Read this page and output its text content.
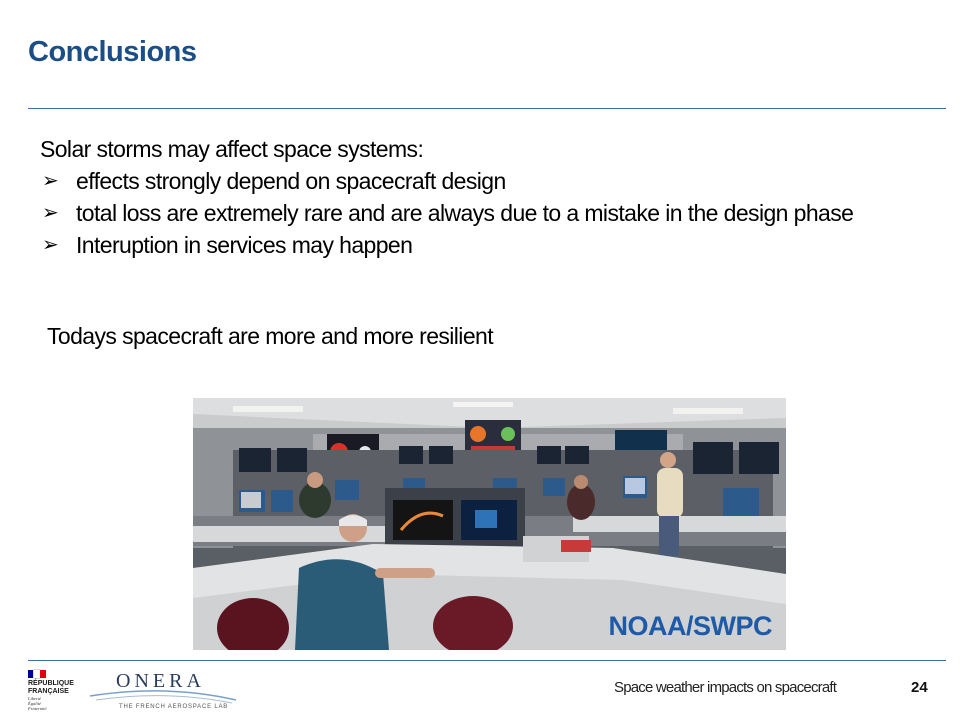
Conclusions

Solar storms may affect space systems:

➢ effects strongly depend on spacecraft design
➢ total loss are extremely rare and are always due to a mistake in the design phase
➢ Interuption in services may happen
Todays spacecraft are more and more resilient
NOAA/SWPC
RÉPUBLIQUE
FRANÇAISE
Liberté
Égalité
Fraternité
ONERA
THE FRENCH AEROSPACE LAB
Space weather impacts on spacecraft	24
